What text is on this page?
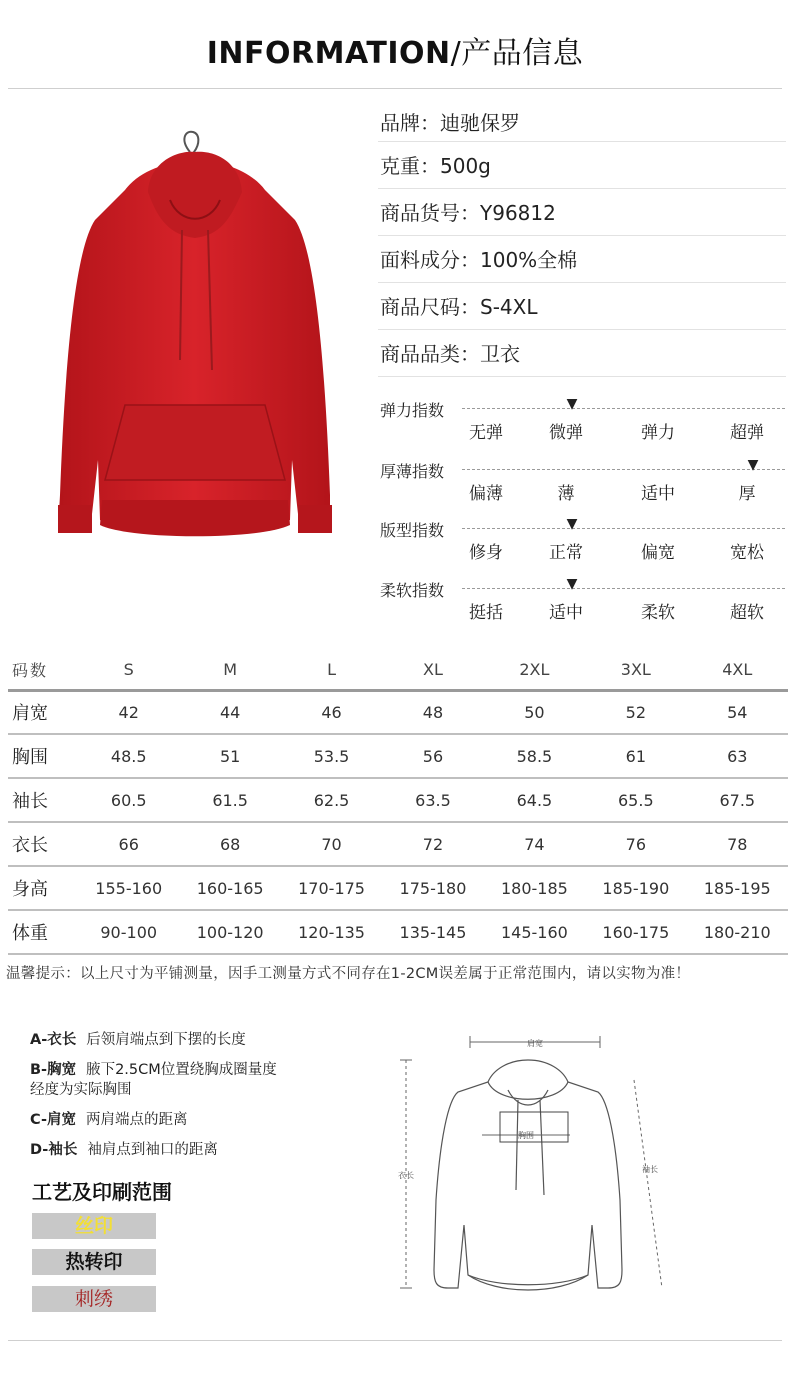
INFORMATION/产品信息
品牌：迪驰保罗
克重：500g
商品货号：Y96812
面料成分：100%全棉
商品尺码：S-4XL
商品品类：卫衣
弹力指数
无弹	微弹	弹力	超弹
▼
厚薄指数
偏薄	薄	适中	厚
▼
版型指数
修身	正常	偏宽	宽松
▼
柔软指数
挺括	适中	柔软	超软
▼
码数	S	M	L	XL	2XL	3XL	4XL
肩宽	42	44	46	48	50	52	54
胸围	48.5	51	53.5	56	58.5	61	63
袖长	60.5	61.5	62.5	63.5	64.5	65.5	67.5
衣长	66	68	70	72	74	76	78
身高	155-160	160-165	170-175	175-180	180-185	185-190	185-195
体重	90-100	100-120	120-135	135-145	145-160	160-175	180-210
温馨提示：以上尺寸为平铺测量，因手工测量方式不同存在1-2CM误差属于正常范围内，请以实物为准！
A-衣长 后领肩端点到下摆的长度
B-胸宽 腋下2.5CM位置绕胸成圈量度经度为实际胸围
C-肩宽 两肩端点的距离
D-袖长 袖肩点到袖口的距离
工艺及印刷范围
丝印
热转印
刺绣
肩宽
胸围
衣长
袖长
